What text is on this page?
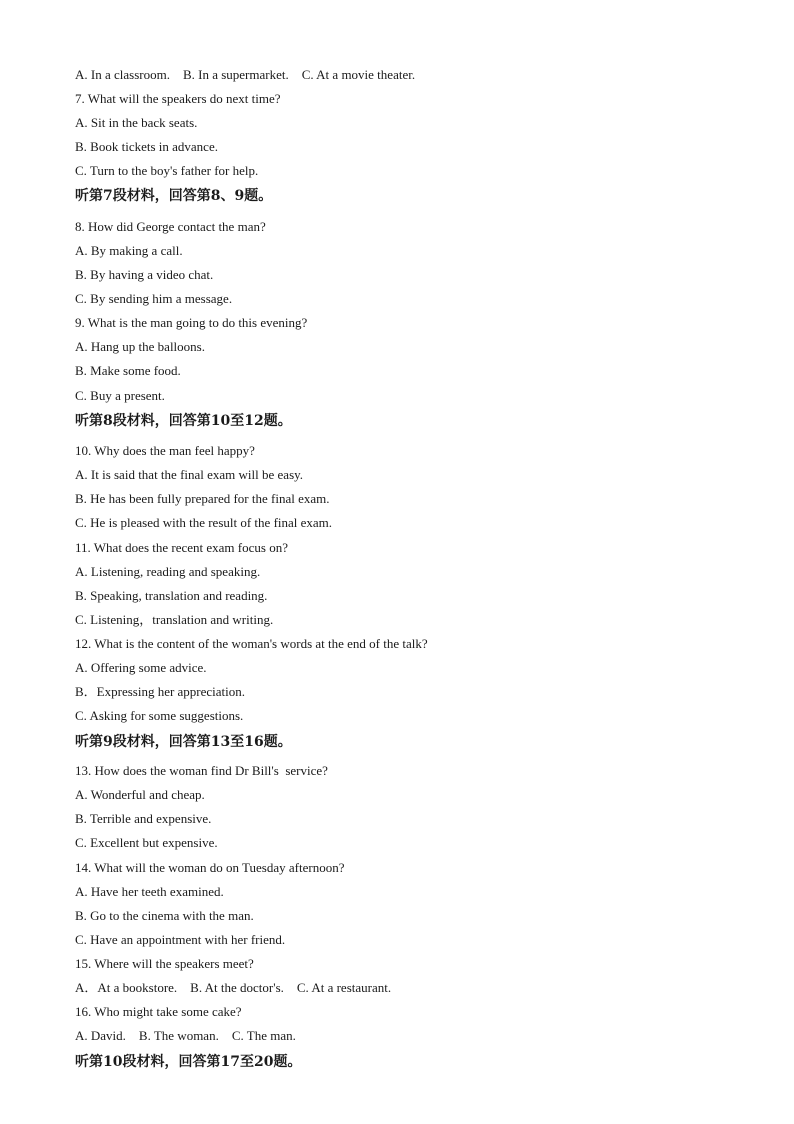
A. In a classroom.    B. In a supermarket.    C. At a movie theater.
7. What will the speakers do next time?
A. Sit in the back seats.
B. Book tickets in advance.
C. Turn to the boy's father for help.
听第7段材料，回答第8、9题。
8. How did George contact the man?
A. By making a call.
B. By having a video chat.
C. By sending him a message.
9. What is the man going to do this evening?
A. Hang up the balloons.
B. Make some food.
C. Buy a present.
听第8段材料，回答第10至12题。
10. Why does the man feel happy?
A. It is said that the final exam will be easy.
B. He has been fully prepared for the final exam.
C. He is pleased with the result of the final exam.
11. What does the recent exam focus on?
A. Listening, reading and speaking.
B. Speaking, translation and reading.
C. Listening，translation and writing.
12. What is the content of the woman's words at the end of the talk?
A. Offering some advice.
B．Expressing her appreciation.
C. Asking for some suggestions.
听第9段材料，回答第13至16题。
13. How does the woman find Dr Bill's  service?
A. Wonderful and cheap.
B. Terrible and expensive.
C. Excellent but expensive.
14. What will the woman do on Tuesday afternoon?
A. Have her teeth examined.
B. Go to the cinema with the man.
C. Have an appointment with her friend.
15. Where will the speakers meet?
A．At a bookstore.    B. At the doctor's.    C. At a restaurant.
16. Who might take some cake?
A. David.    B. The woman.    C. The man.
听第10段材料，回答第17至20题。
